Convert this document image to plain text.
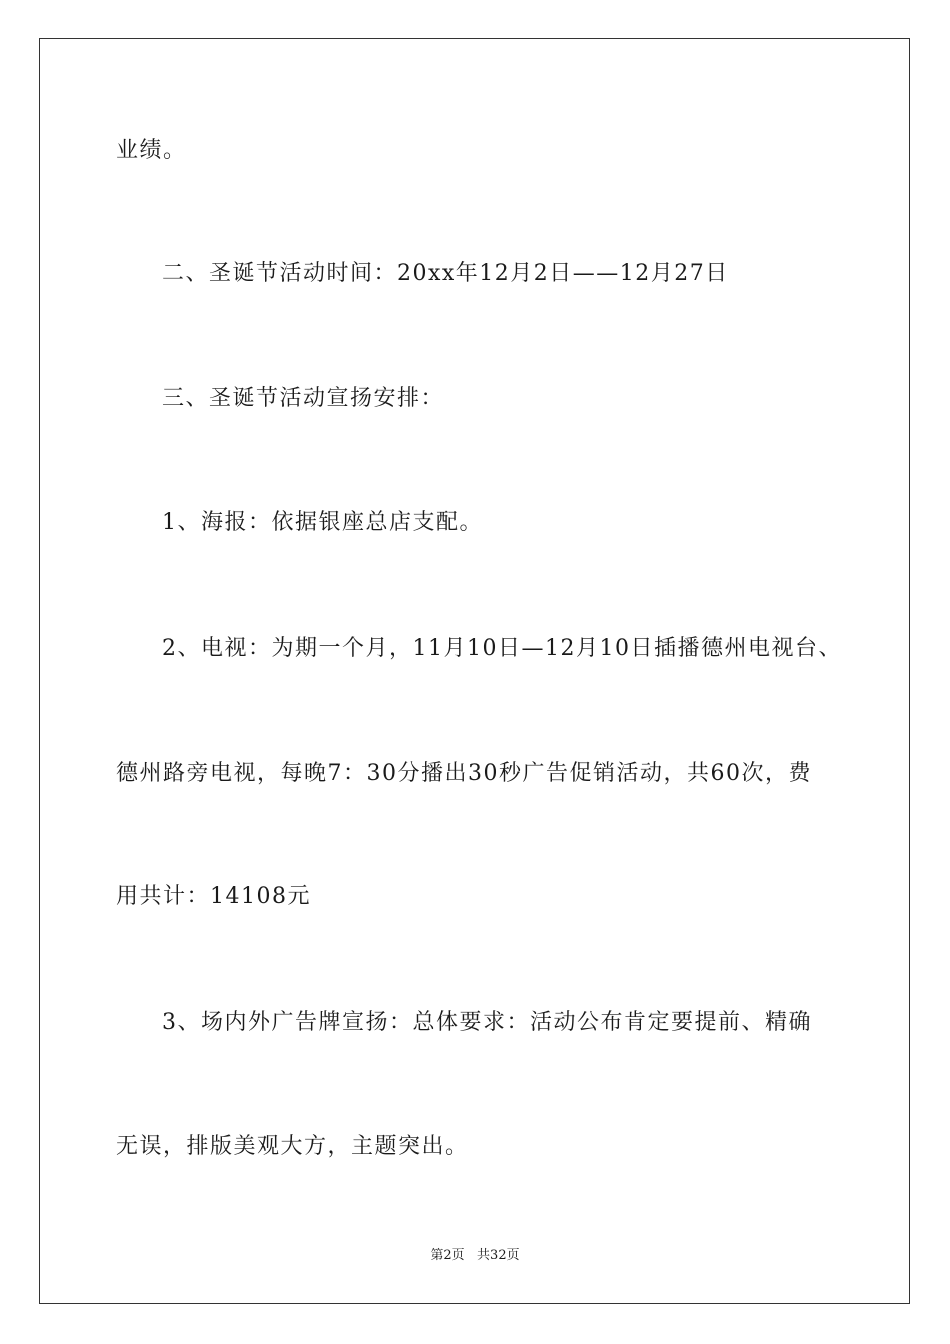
业绩。
二、圣诞节活动时间：20xx年12月2日——12月27日
三、圣诞节活动宣扬安排：
1、海报：依据银座总店支配。
2、电视：为期一个月，11月10日—12月10日插播德州电视台、
德州路旁电视，每晚7：30分播出30秒广告促销活动，共60次，费
用共计：14108元
3、场内外广告牌宣扬：总体要求：活动公布肯定要提前、精确
无误，排版美观大方，主题突出。
第2页   共32页
